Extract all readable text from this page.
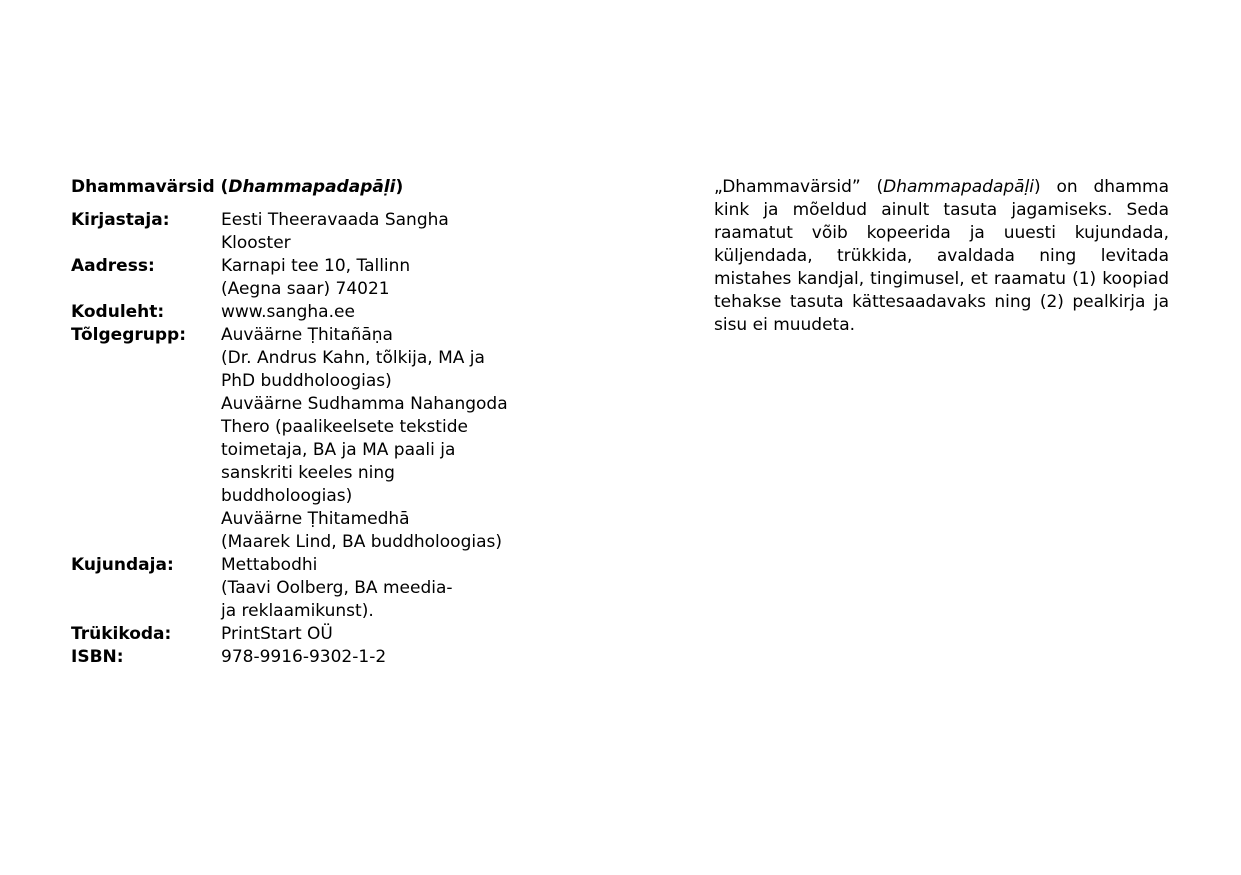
Dhammavärsid (Dhammapadapāḷi)
Kirjastaja:	Eesti Theeravaada Sangha
Klooster
Aadress:	Karnapi tee 10, Tallinn
(Aegna saar) 74021
Koduleht:	www.sangha.ee
Tõlgegrupp:	Auväärne Ṭhitañāṇa
(Dr. Andrus Kahn, tõlkija, MA ja
PhD buddholoogias)
Auväärne Sudhamma Nahangoda
Thero (paalikeelsete tekstide
toimetaja, BA ja MA paali ja
sanskriti keeles ning
buddholoogias)
Auväärne Ṭhitamedhā
(Maarek Lind, BA buddholoogias)
Kujundaja:	Mettabodhi
(Taavi Oolberg, BA meedia-
ja reklaamikunst).
Trükikoda:	PrintStart OÜ
ISBN:	978-9916-9302-1-2
„Dhammavärsid” (Dhammapadapāḷi) on dhamma kink ja mõeldud ainult tasuta jagamiseks. Seda raamatut võib kopeerida ja uuesti kujundada, küljendada, trükkida, avaldada ning levitada mistahes kandjal, tingimusel, et raamatu (1) koopiad tehakse tasuta kättesaadavaks ning (2) pealkirja ja sisu ei muudeta.
